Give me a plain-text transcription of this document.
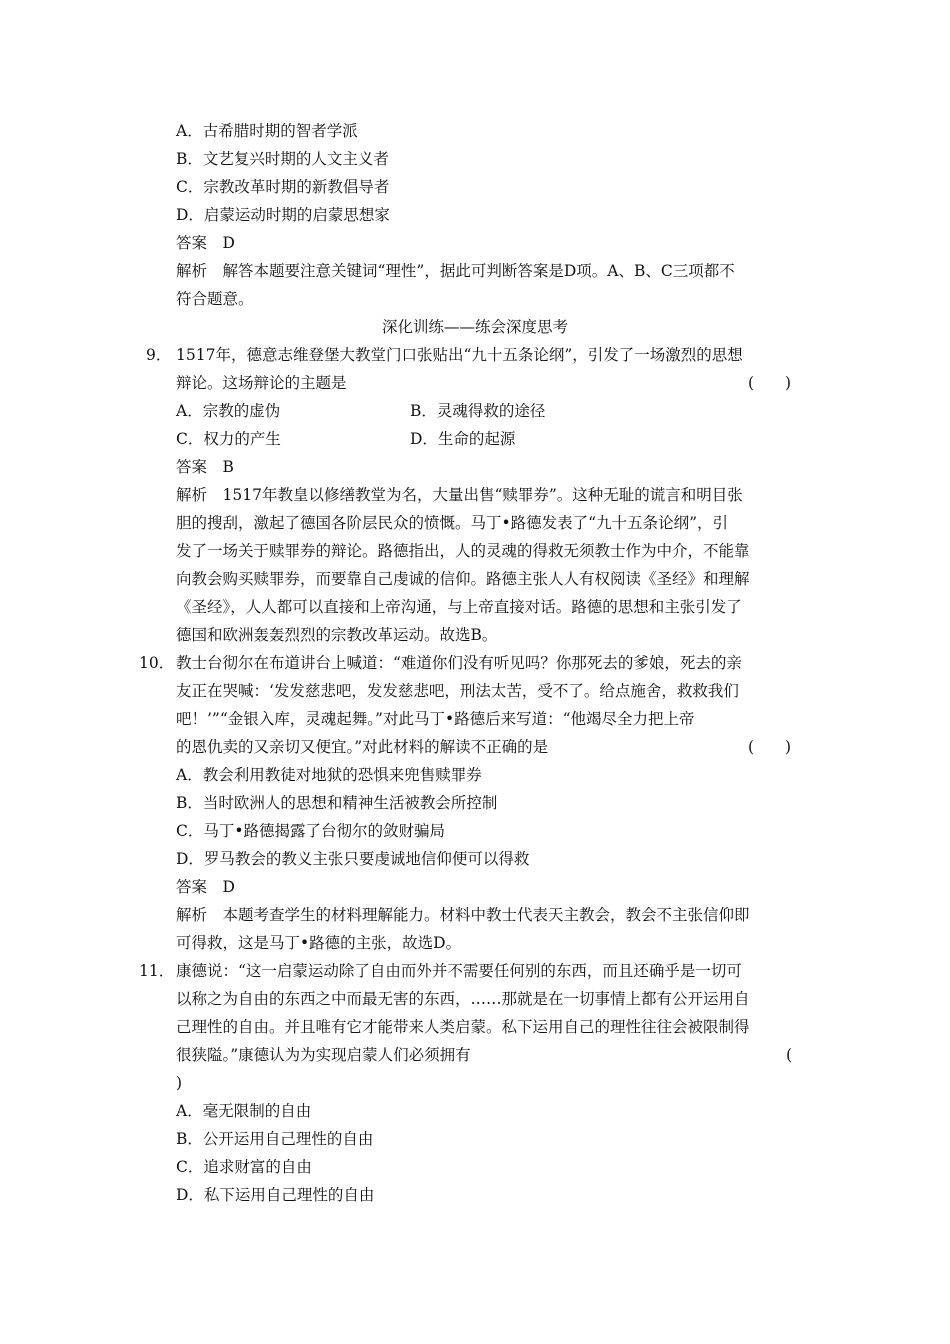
A．古希腊时期的智者学派
B．文艺复兴时期的人文主义者
C．宗教改革时期的新教倡导者
D．启蒙运动时期的启蒙思想家
答案　D
解析　解答本题要注意关键词“理性”，据此可判断答案是D项。A、B、C三项都不
符合题意。
深化训练——练会深度思考
9． 1517年，德意志维登堡大教堂门口张贴出“九十五条论纲”，引发了一场激烈的思想
辩论。这场辩论的主题是	(　　)
A．宗教的虚伪	B．灵魂得救的途径
C．权力的产生	D．生命的起源
答案　B
解析　1517年教皇以修缮教堂为名，大量出售“赎罪券”。这种无耻的谎言和明目张
胆的搜刮，激起了德国各阶层民众的愤慨。马丁•路德发表了“九十五条论纲”，引
发了一场关于赎罪券的辩论。路德指出，人的灵魂的得救无须教士作为中介，不能靠
向教会购买赎罪券，而要靠自己虔诚的信仰。路德主张人人有权阅读《圣经》和理解
《圣经》，人人都可以直接和上帝沟通，与上帝直接对话。路德的思想和主张引发了
德国和欧洲轰轰烈烈的宗教改革运动。故选B。
10． 教士台彻尔在布道讲台上喊道：“难道你们没有听见吗？你那死去的爹娘，死去的亲
友正在哭喊：‘发发慈悲吧，发发慈悲吧，刑法太苦，受不了。给点施舍，救救我们
吧！’”“金银入库，灵魂起舞。”对此马丁•路德后来写道：“他竭尽全力把上帝
的恩仇卖的又亲切又便宜。”对此材料的解读不正确的是	(　　)
A．教会利用教徒对地狱的恐惧来兜售赎罪券
B．当时欧洲人的思想和精神生活被教会所控制
C．马丁•路德揭露了台彻尔的敛财骗局
D．罗马教会的教义主张只要虔诚地信仰便可以得救
答案　D
解析　本题考查学生的材料理解能力。材料中教士代表天主教会，教会不主张信仰即
可得救，这是马丁•路德的主张，故选D。
11． 康德说：“这一启蒙运动除了自由而外并不需要任何别的东西，而且还确乎是一切可
以称之为自由的东西之中而最无害的东西，……那就是在一切事情上都有公开运用自
己理性的自由。并且唯有它才能带来人类启蒙。私下运用自己的理性往往会被限制得
很狭隘。”康德认为为实现启蒙人们必须拥有	(
)
A．毫无限制的自由
B．公开运用自己理性的自由
C．追求财富的自由
D．私下运用自己理性的自由
